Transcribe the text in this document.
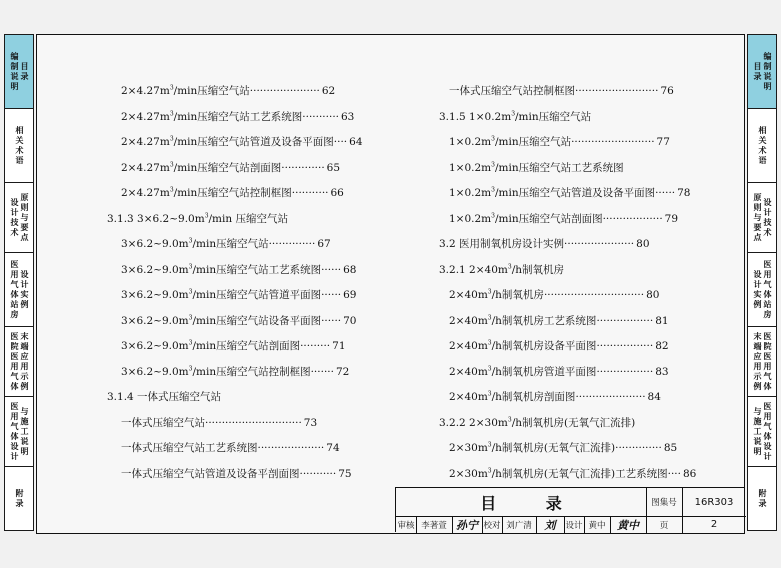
编制说明 目录
相关术语
设计技术 原则与要点
医用气体站房 设计实例
医院医用气体 末端应用示例
医用气体设计 与施工说明
附录
目录 编制说明
相关术语
原则与要点 设计技术
设计实例 医用气体站房
末端应用示例 医院医用气体
与施工说明 医用气体设计
附录
$2\times 4.27m^3/\min$压缩空气站····················· 62
$2\times 4.27m^3/\min$压缩空气站工艺系统图··········· 63
$2\times 4.27m^3/\min$压缩空气站管道及设备平面图···· 64
$2\times 4.27m^3/\min$压缩空气站剖面图············· 65
$2\times 4.27m^3/\min$压缩空气站控制框图··········· 66
3.1.3 $3\times 6.2\sim 9.0m^3/\min$ 压缩空气站
$3\times 6.2\sim 9.0m^3/\min$压缩空气站·············· 67
$3\times 6.2\sim 9.0m^3/\min$压缩空气站工艺系统图······ 68
$3\times 6.2\sim 9.0m^3/\min$压缩空气站管道平面图······ 69
$3\times 6.2\sim 9.0m^3/\min$压缩空气站设备平面图······ 70
$3\times 6.2\sim 9.0m^3/\min$压缩空气站剖面图········· 71
$3\times 6.2\sim 9.0m^3/\min$压缩空气站控制框图······· 72
3.1.4 一体式压缩空气站
一体式压缩空气站····························· 73
一体式压缩空气站工艺系统图···················· 74
一体式压缩空气站管道及设备平剖面图··········· 75
一体式压缩空气站控制框图························· 76
3.1.5 $1\times 0.2m^3/\min$压缩空气站
$1\times 0.2m^3/\min$压缩空气站························· 77
$1\times 0.2m^3/\min$压缩空气站工艺系统图
$1\times 0.2m^3/\min$压缩空气站管道及设备平面图······ 78
$1\times 0.2m^3/\min$压缩空气站剖面图·················· 79
3.2 医用制氧机房设计实例····················· 80
3.2.1 $2\times 40m^3/h$制氧机房
$2\times 40m^3/h$制氧机房······························ 80
$2\times 40m^3/h$制氧机房工艺系统图················· 81
$2\times 40m^3/h$制氧机房设备平面图················· 82
$2\times 40m^3/h$制氧机房管道平面图················· 83
$2\times 40m^3/h$制氧机房剖面图····················· 84
3.2.2 $2\times 30m^3/h$制氧机房(无氧气汇流排)
$2\times 30m^3/h$制氧机房(无氧气汇流排)·············· 85
$2\times 30m^3/h$制氧机房(无氧气汇流排)工艺系统图···· 86
目 录	图集号	16R303
审核 李著萱 孙宁 校对 刘广清	刘	设计 黄中	黄中	页	2
